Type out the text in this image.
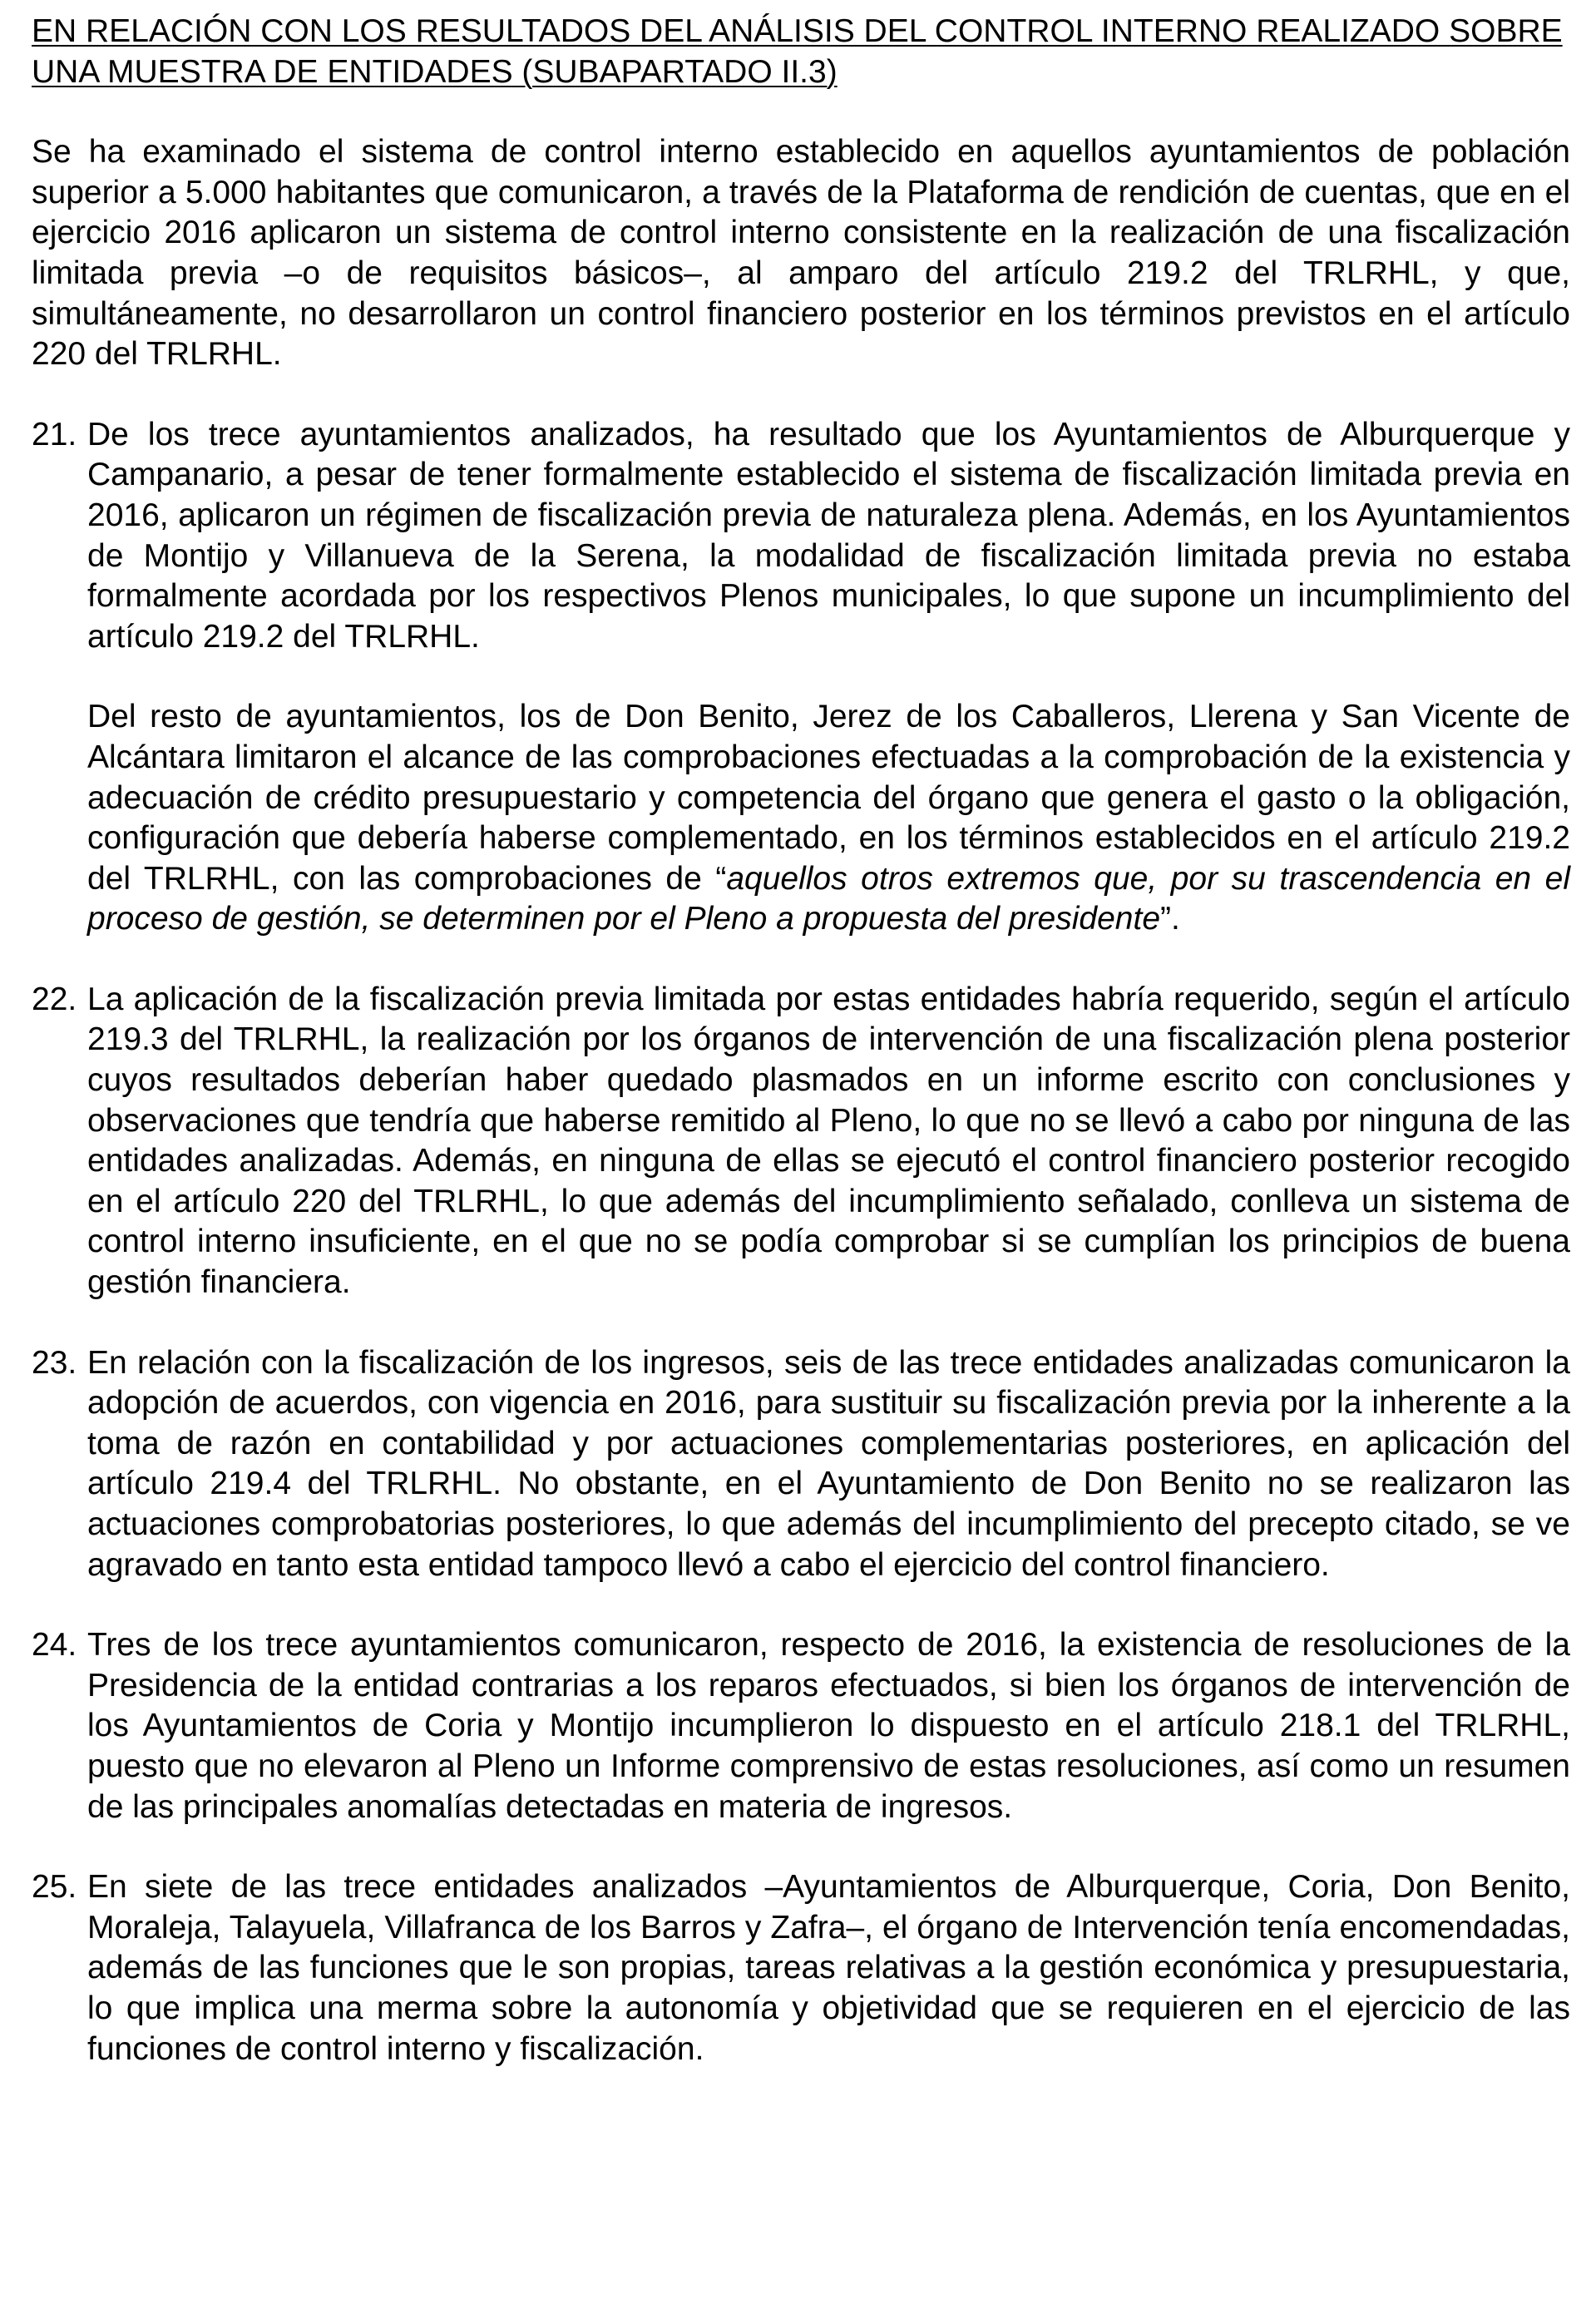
EN RELACIÓN CON LOS RESULTADOS DEL ANÁLISIS DEL CONTROL INTERNO REALIZADO SOBRE UNA MUESTRA DE ENTIDADES (SUBAPARTADO II.3)

Se ha examinado el sistema de control interno establecido en aquellos ayuntamientos de población superior a 5.000 habitantes que comunicaron, a través de la Plataforma de rendición de cuentas, que en el ejercicio 2016 aplicaron un sistema de control interno consistente en la realización de una fiscalización limitada previa –o de requisitos básicos–, al amparo del artículo 219.2 del TRLRHL, y que, simultáneamente, no desarrollaron un control financiero posterior en los términos previstos en el artículo 220 del TRLRHL.

21. De los trece ayuntamientos analizados, ha resultado que los Ayuntamientos de Alburquerque y Campanario, a pesar de tener formalmente establecido el sistema de fiscalización limitada previa en 2016, aplicaron un régimen de fiscalización previa de naturaleza plena. Además, en los Ayuntamientos de Montijo y Villanueva de la Serena, la modalidad de fiscalización limitada previa no estaba formalmente acordada por los respectivos Plenos municipales, lo que supone un incumplimiento del artículo 219.2 del TRLRHL.

Del resto de ayuntamientos, los de Don Benito, Jerez de los Caballeros, Llerena y San Vicente de Alcántara limitaron el alcance de las comprobaciones efectuadas a la comprobación de la existencia y adecuación de crédito presupuestario y competencia del órgano que genera el gasto o la obligación, configuración que debería haberse complementado, en los términos establecidos en el artículo 219.2 del TRLRHL, con las comprobaciones de “aquellos otros extremos que, por su trascendencia en el proceso de gestión, se determinen por el Pleno a propuesta del presidente”.

22. La aplicación de la fiscalización previa limitada por estas entidades habría requerido, según el artículo 219.3 del TRLRHL, la realización por los órganos de intervención de una fiscalización plena posterior cuyos resultados deberían haber quedado plasmados en un informe escrito con conclusiones y observaciones que tendría que haberse remitido al Pleno, lo que no se llevó a cabo por ninguna de las entidades analizadas. Además, en ninguna de ellas se ejecutó el control financiero posterior recogido en el artículo 220 del TRLRHL, lo que además del incumplimiento señalado, conlleva un sistema de control interno insuficiente, en el que no se podía comprobar si se cumplían los principios de buena gestión financiera.

23. En relación con la fiscalización de los ingresos, seis de las trece entidades analizadas comunicaron la adopción de acuerdos, con vigencia en 2016, para sustituir su fiscalización previa por la inherente a la toma de razón en contabilidad y por actuaciones complementarias posteriores, en aplicación del artículo 219.4 del TRLRHL. No obstante, en el Ayuntamiento de Don Benito no se realizaron las actuaciones comprobatorias posteriores, lo que además del incumplimiento del precepto citado, se ve agravado en tanto esta entidad tampoco llevó a cabo el ejercicio del control financiero.

24. Tres de los trece ayuntamientos comunicaron, respecto de 2016, la existencia de resoluciones de la Presidencia de la entidad contrarias a los reparos efectuados, si bien los órganos de intervención de los Ayuntamientos de Coria y Montijo incumplieron lo dispuesto en el artículo 218.1 del TRLRHL, puesto que no elevaron al Pleno un Informe comprensivo de estas resoluciones, así como un resumen de las principales anomalías detectadas en materia de ingresos.

25. En siete de las trece entidades analizados –Ayuntamientos de Alburquerque, Coria, Don Benito, Moraleja, Talayuela, Villafranca de los Barros y Zafra–, el órgano de Intervención tenía encomendadas, además de las funciones que le son propias, tareas relativas a la gestión económica y presupuestaria, lo que implica una merma sobre la autonomía y objetividad que se requieren en el ejercicio de las funciones de control interno y fiscalización.
